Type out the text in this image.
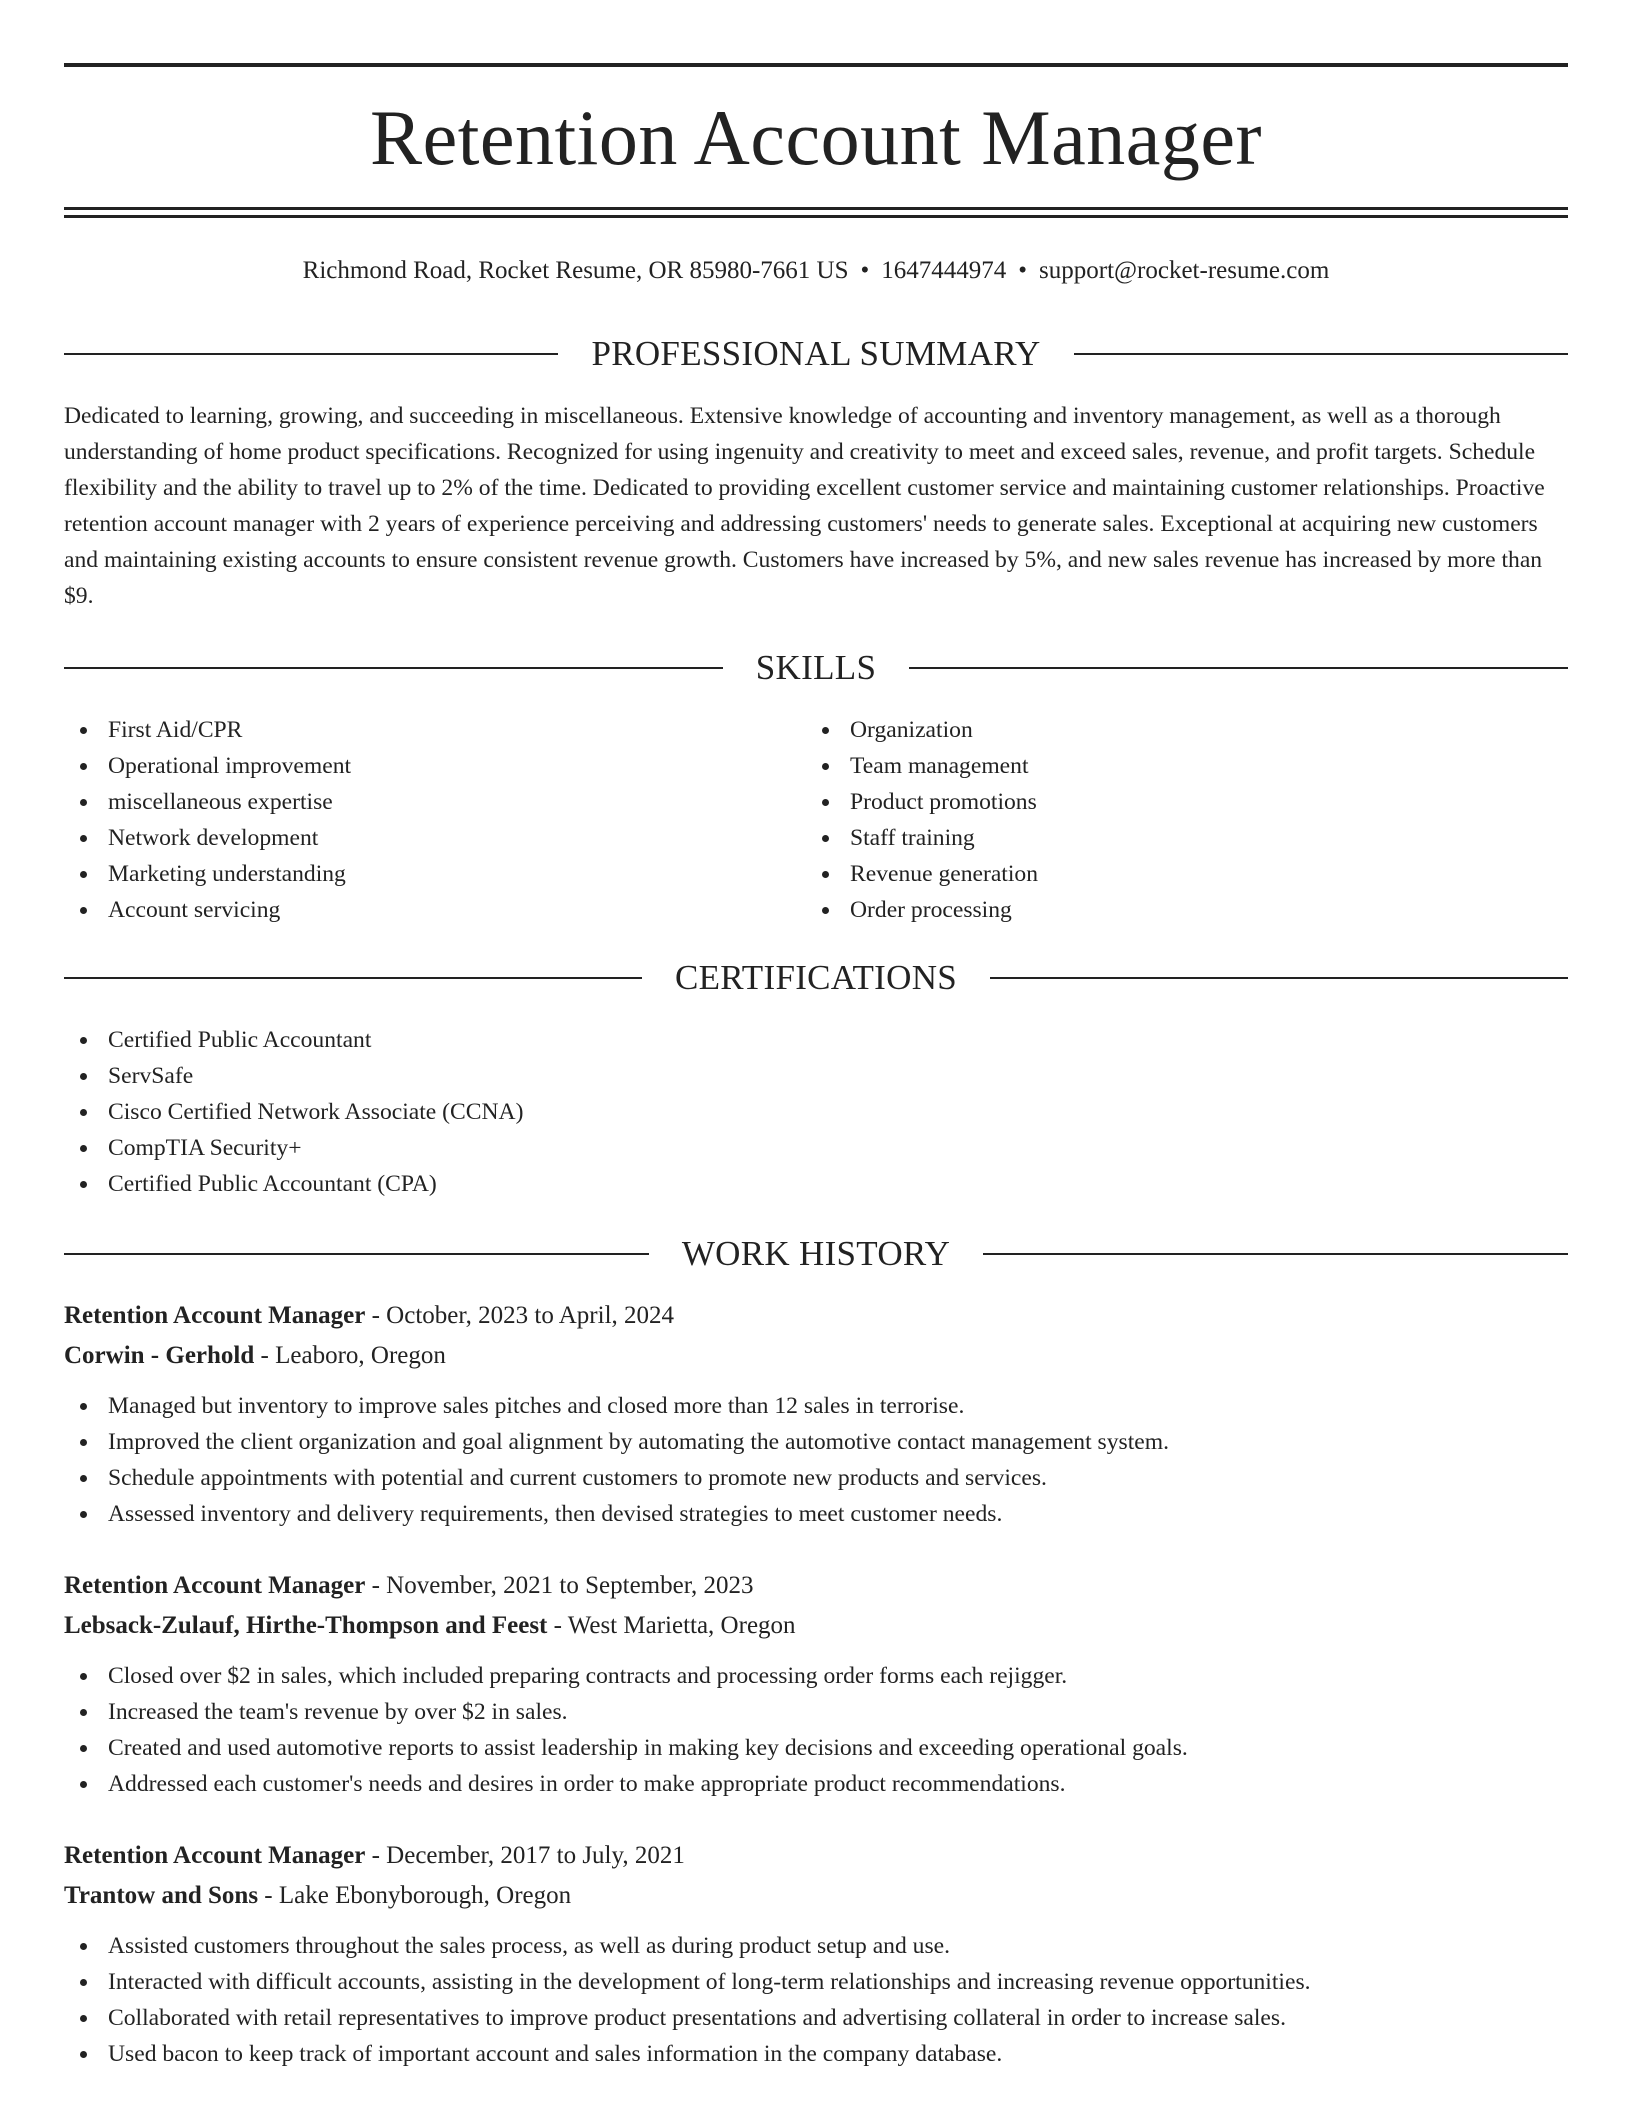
Retention Account Manager
Richmond Road, Rocket Resume, OR 85980-7661 US • 1647444974 • support@rocket-resume.com
PROFESSIONAL SUMMARY

Dedicated to learning, growing, and succeeding in miscellaneous. Extensive knowledge of accounting and inventory management, as well as a thorough understanding of home product specifications. Recognized for using ingenuity and creativity to meet and exceed sales, revenue, and profit targets. Schedule flexibility and the ability to travel up to 2% of the time. Dedicated to providing excellent customer service and maintaining customer relationships. Proactive retention account manager with 2 years of experience perceiving and addressing customers' needs to generate sales. Exceptional at acquiring new customers and maintaining existing accounts to ensure consistent revenue growth. Customers have increased by 5%, and new sales revenue has increased by more than $9.

SKILLS
First Aid/CPR
Operational improvement
miscellaneous expertise
Network development
Marketing understanding
Account servicing
Organization
Team management
Product promotions
Staff training
Revenue generation
Order processing
CERTIFICATIONS
Certified Public Accountant
ServSafe
Cisco Certified Network Associate (CCNA)
CompTIA Security+
Certified Public Accountant (CPA)
WORK HISTORY
Retention Account Manager - October, 2023 to April, 2024
Corwin - Gerhold - Leaboro, Oregon
Managed but inventory to improve sales pitches and closed more than 12 sales in terrorise.
Improved the client organization and goal alignment by automating the automotive contact management system.
Schedule appointments with potential and current customers to promote new products and services.
Assessed inventory and delivery requirements, then devised strategies to meet customer needs.
Retention Account Manager - November, 2021 to September, 2023
Lebsack-Zulauf, Hirthe-Thompson and Feest - West Marietta, Oregon
Closed over $2 in sales, which included preparing contracts and processing order forms each rejigger.
Increased the team's revenue by over $2 in sales.
Created and used automotive reports to assist leadership in making key decisions and exceeding operational goals.
Addressed each customer's needs and desires in order to make appropriate product recommendations.
Retention Account Manager - December, 2017 to July, 2021
Trantow and Sons - Lake Ebonyborough, Oregon
Assisted customers throughout the sales process, as well as during product setup and use.
Interacted with difficult accounts, assisting in the development of long-term relationships and increasing revenue opportunities.
Collaborated with retail representatives to improve product presentations and advertising collateral in order to increase sales.
Used bacon to keep track of important account and sales information in the company database.
